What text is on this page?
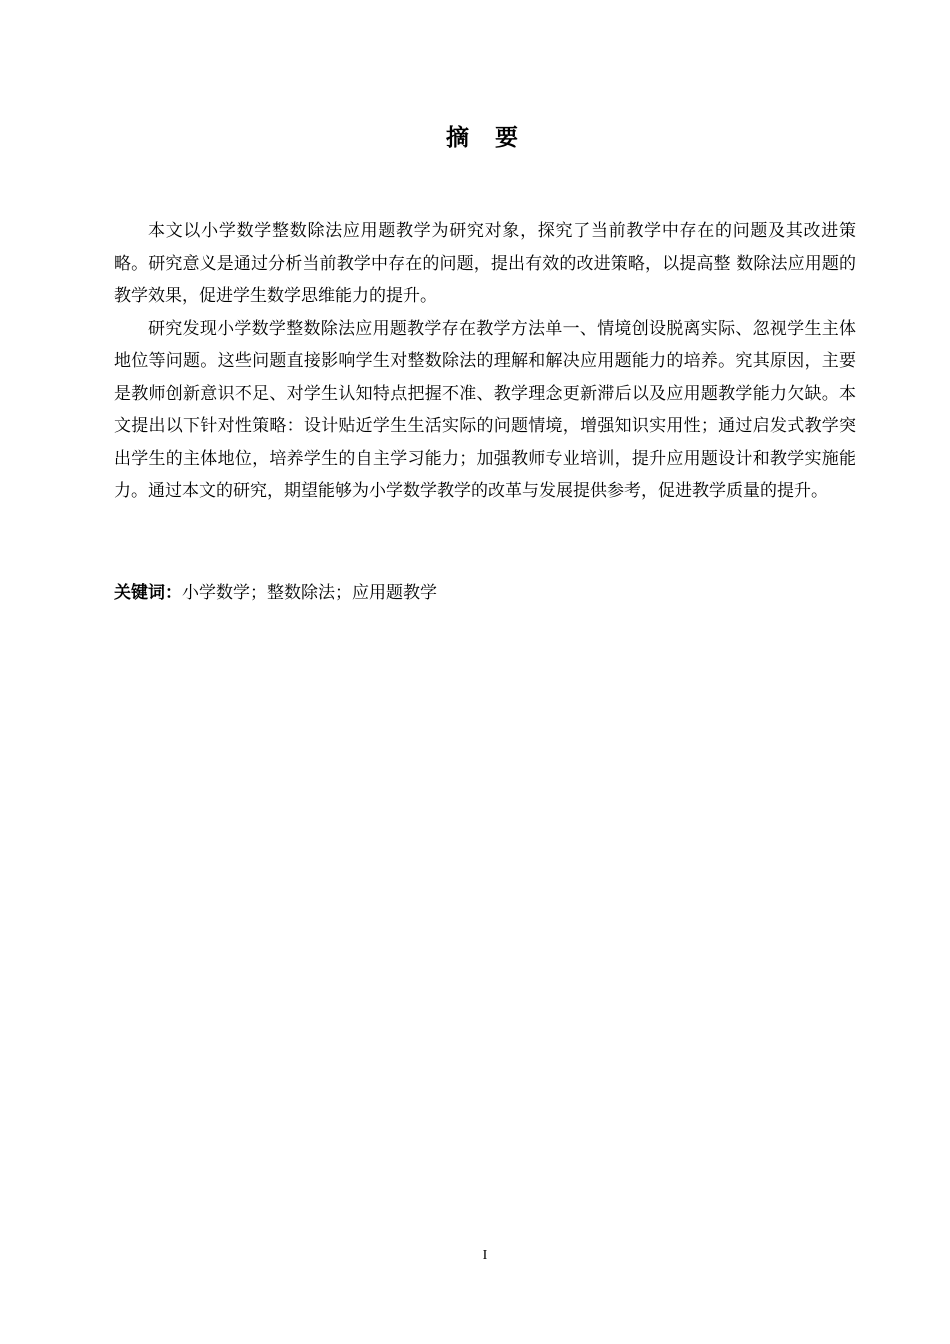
摘 要

本文以小学数学整数除法应用题教学为研究对象，探究了当前教学中存在的问题及其改进策略。研究意义是通过分析当前教学中存在的问题，提出有效的改进策略，以提高整 数除法应用题的教学效果，促进学生数学思维能力的提升。

研究发现小学数学整数除法应用题教学存在教学方法单一、情境创设脱离实际、忽视学生主体地位等问题。这些问题直接影响学生对整数除法的理解和解决应用题能力的培养。究其原因，主要是教师创新意识不足、对学生认知特点把握不准、教学理念更新滞后以及应用题教学能力欠缺。本文提出以下针对性策略：设计贴近学生生活实际的问题情境，增强知识实用性；通过启发式教学突出学生的主体地位，培养学生的自主学习能力；加强教师专业培训，提升应用题设计和教学实施能力。通过本文的研究，期望能够为小学数学教学的改革与发展提供参考，促进教学质量的提升。

关键词：小学数学；整数除法；应用题教学
I
